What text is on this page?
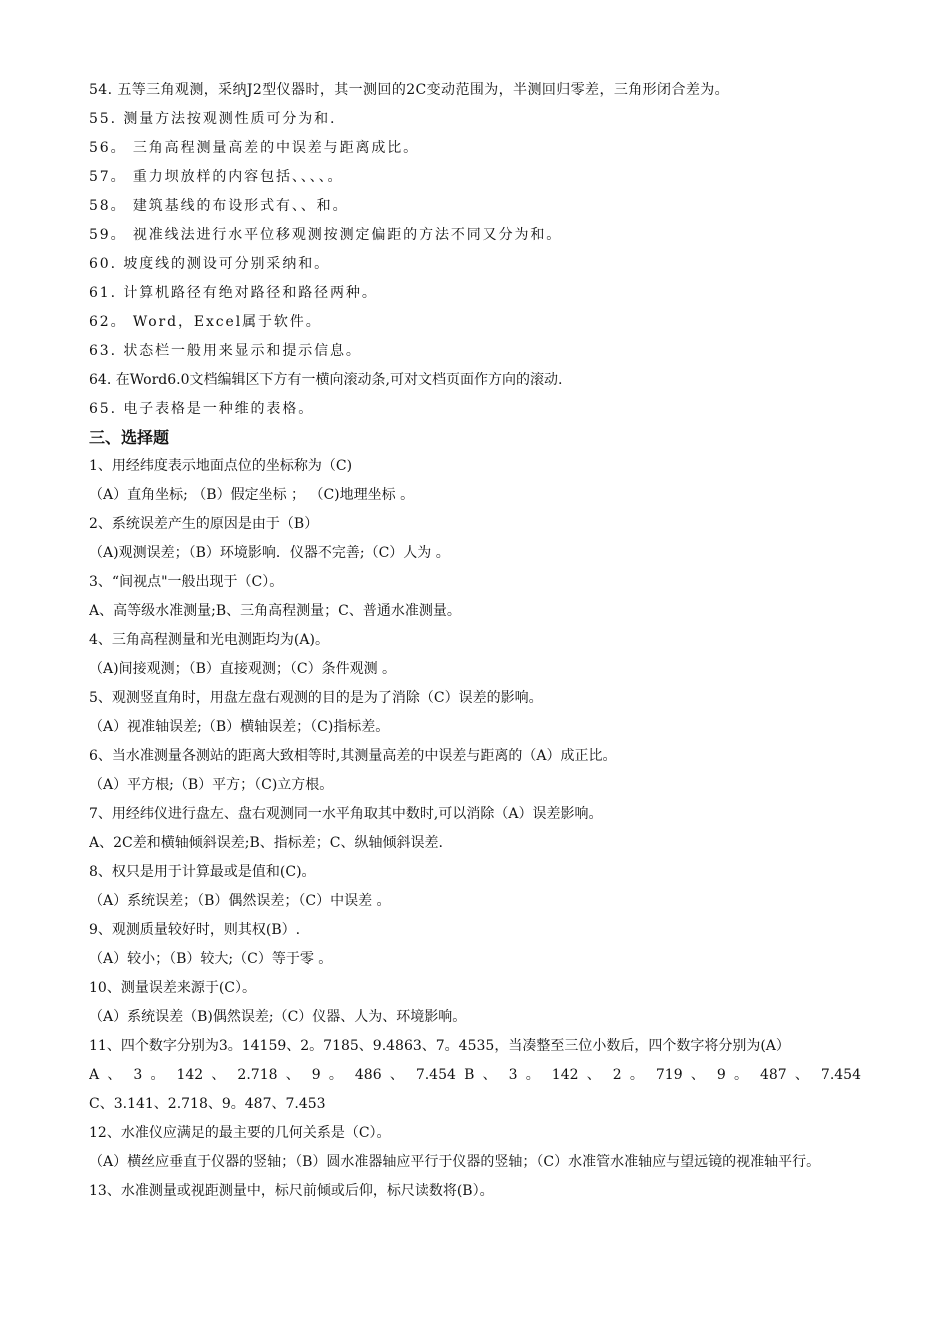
54. 五等三角观测，采纳J2型仪器时，其一测回的2C变动范围为，半测回归零差，三角形闭合差为。
55. 测量方法按观测性质可分为和.
56。 三角高程测量高差的中误差与距离成比。
57。 重力坝放样的内容包括、、、、。
58。 建筑基线的布设形式有、、和。
59。 视准线法进行水平位移观测按测定偏距的方法不同又分为和。
60. 坡度线的测设可分别采纳和。
61. 计算机路径有绝对路径和路径两种。
62。 Word，Excel属于软件。
63. 状态栏一般用来显示和提示信息。
64. 在Word6.0文档编辑区下方有一横向滚动条,可对文档页面作方向的滚动.
65. 电子表格是一种维的表格。
三、选择题
1、用经纬度表示地面点位的坐标称为（C)
（A）直角坐标; （B）假定坐标 ； （C)地理坐标 。
2、系统误差产生的原因是由于（B）
（A)观测误差；（B）环境影响．仪器不完善;（C）人为 。
3、“间视点"一般出现于（C）。
A、高等级水准测量;B、三角高程测量；C、普通水准测量。
4、三角高程测量和光电测距均为(A)。
（A)间接观测；（B）直接观测；（C）条件观测 。
5、观测竖直角时，用盘左盘右观测的目的是为了消除（C）误差的影响。
（A）视准轴误差;（B）横轴误差；（C)指标差。
6、当水准测量各测站的距离大致相等时,其测量高差的中误差与距离的（A）成正比。
（A）平方根;（B）平方；（C)立方根。
7、用经纬仪进行盘左、盘右观测同一水平角取其中数时,可以消除（A）误差影响。
A、2C差和横轴倾斜误差;B、指标差；C、纵轴倾斜误差.
8、权只是用于计算最或是值和(C)。
（A）系统误差；（B）偶然误差；（C）中误差 。
9、观测质量较好时，则其权(B）.
（A）较小；（B）较大;（C）等于零 。
10、测量误差来源于(C）。
（A）系统误差（B)偶然误差;（C）仪器、人为、环境影响。
11、四个数字分别为3。14159、2。7185、9.4863、7。4535，当凑整至三位小数后，四个数字将分别为(A）
A 、 3 。 142 、 2.718 、 9 。 486 、 7.454 B 、 3 。 142 、 2 。 719 、 9 。 487 、 7.454
C、3.141、2.718、9。487、7.453
12、水准仪应满足的最主要的几何关系是（C）。
（A）横丝应垂直于仪器的竖轴；（B）圆水准器轴应平行于仪器的竖轴；（C）水准管水准轴应与望远镜的视准轴平行。
13、水准测量或视距测量中，标尺前倾或后仰，标尺读数将(B）。
